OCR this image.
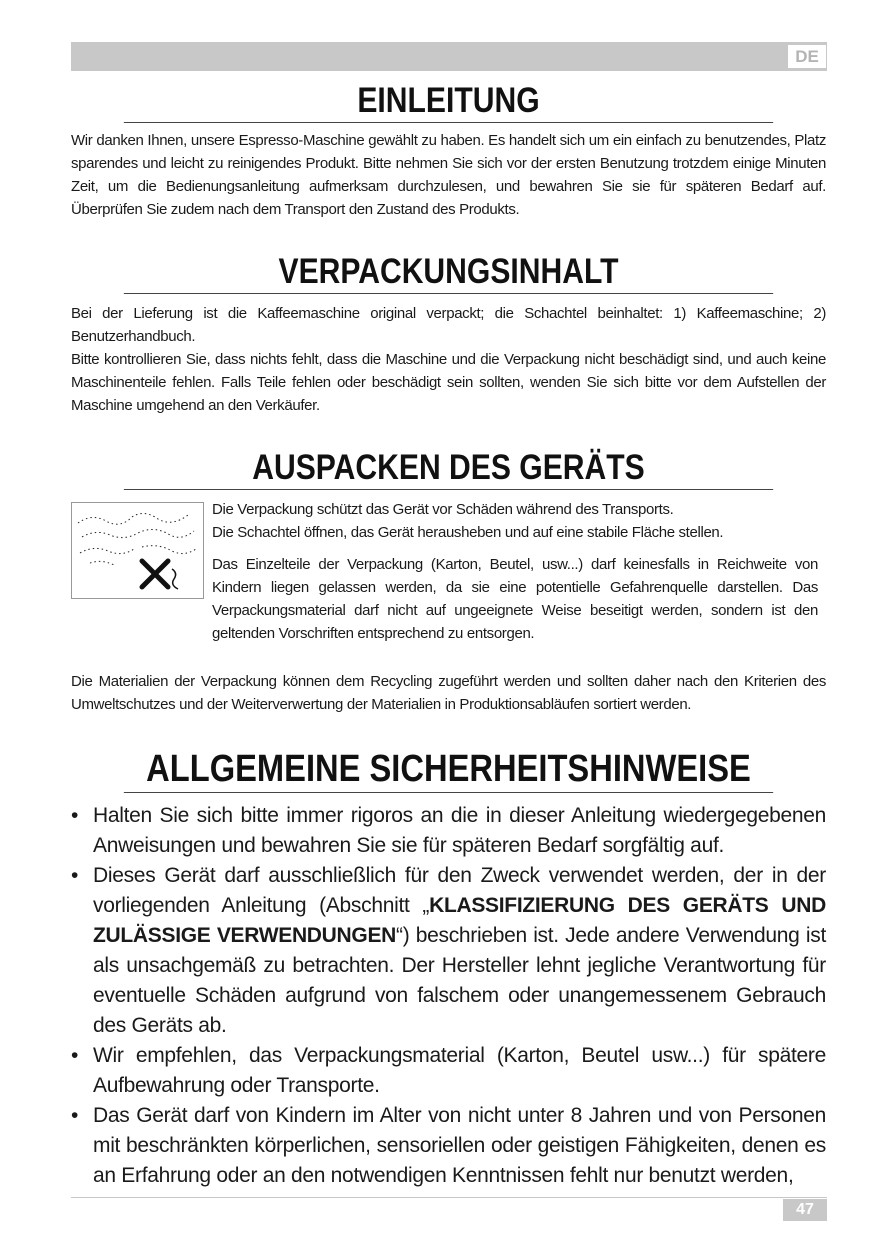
DE
EINLEITUNG

Wir danken Ihnen, unsere Espresso-Maschine gewählt zu haben. Es handelt sich um ein einfach zu benutzendes, Platz sparendes und leicht zu reinigendes Produkt. Bitte nehmen Sie sich vor der ersten Benutzung trotzdem einige Minuten Zeit, um die Bedienungsanleitung aufmerksam durchzulesen, und bewahren Sie sie für späteren Bedarf auf. Überprüfen Sie zudem nach dem Transport den Zustand des Produkts.

VERPACKUNGSINHALT

Bei der Lieferung ist die Kaffeemaschine original verpackt; die Schachtel beinhaltet: 1) Kaffeemaschine; 2) Benutzerhandbuch.

Bitte kontrollieren Sie, dass nichts fehlt, dass die Maschine und die Verpackung nicht beschädigt sind, und auch keine Maschinenteile fehlen. Falls Teile fehlen oder beschädigt sein sollten, wenden Sie sich bitte vor dem Aufstellen der Maschine umgehend an den Verkäufer.

AUSPACKEN DES GERÄTS

Die Verpackung schützt das Gerät vor Schäden während des Transports.

Die Schachtel öffnen, das Gerät herausheben und auf eine stabile Fläche stellen.

Das Einzelteile der Verpackung (Karton, Beutel, usw...) darf keinesfalls in Reichweite von Kindern liegen gelassen werden, da sie eine potentielle Gefahrenquelle darstellen. Das Verpackungsmaterial darf nicht auf ungeeignete Weise beseitigt werden, sondern ist den geltenden Vorschriften entsprechend zu entsorgen.

Die Materialien der Verpackung können dem Recycling zugeführt werden und sollten daher nach den Kriterien des Umweltschutzes und der Weiterverwertung der Materialien in Produktionsabläufen sortiert werden.

ALLGEMEINE SICHERHEITSHINWEISE
• Halten Sie sich bitte immer rigoros an die in dieser Anleitung wiedergegebenen Anweisungen und bewahren Sie sie für späteren Bedarf sorgfältig auf.
• Dieses Gerät darf ausschließlich für den Zweck verwendet werden, der in der vorliegenden Anleitung (Abschnitt „KLASSIFIZIERUNG DES GERÄTS UND ZULÄSSIGE VERWENDUNGEN“) beschrieben ist. Jede andere Verwendung ist als unsachgemäß zu betrachten. Der Hersteller lehnt jegliche Verantwortung für eventuelle Schäden aufgrund von falschem oder unangemessenem Gebrauch des Geräts ab.
• Wir empfehlen, das Verpackungsmaterial (Karton, Beutel usw...) für spätere Aufbewahrung oder Transporte.
• Das Gerät darf von Kindern im Alter von nicht unter 8 Jahren und von Personen mit beschränkten körperlichen, sensoriellen oder geistigen Fähigkeiten, denen es an Erfahrung oder an den notwendigen Kenntnissen fehlt nur benutzt werden,
47
